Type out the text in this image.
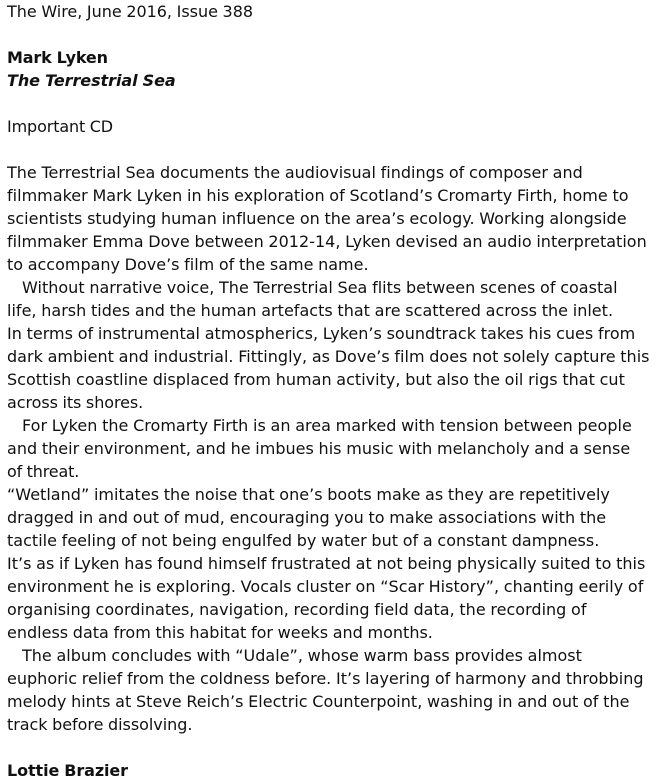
The Wire, June 2016, Issue 388
Mark Lyken
The Terrestrial Sea
Important CD
The Terrestrial Sea documents the audiovisual findings of composer and
filmmaker Mark Lyken in his exploration of Scotland’s Cromarty Firth, home to
scientists studying human influence on the area’s ecology. Working alongside
filmmaker Emma Dove between 2012-14, Lyken devised an audio interpretation
to accompany Dove’s film of the same name.
Without narrative voice, The Terrestrial Sea flits between scenes of coastal
life, harsh tides and the human artefacts that are scattered across the inlet.
In terms of instrumental atmospherics, Lyken’s soundtrack takes his cues from
dark ambient and industrial. Fittingly, as Dove’s film does not solely capture this
Scottish coastline displaced from human activity, but also the oil rigs that cut
across its shores.
For Lyken the Cromarty Firth is an area marked with tension between people
and their environment, and he imbues his music with melancholy and a sense
of threat.
“Wetland” imitates the noise that one’s boots make as they are repetitively
dragged in and out of mud, encouraging you to make associations with the
tactile feeling of not being engulfed by water but of a constant dampness.
It’s as if Lyken has found himself frustrated at not being physically suited to this
environment he is exploring. Vocals cluster on “Scar History”, chanting eerily of
organising coordinates, navigation, recording field data, the recording of
endless data from this habitat for weeks and months.
The album concludes with “Udale”, whose warm bass provides almost
euphoric relief from the coldness before. It’s layering of harmony and throbbing
melody hints at Steve Reich’s Electric Counterpoint, washing in and out of the
track before dissolving.
Lottie Brazier
